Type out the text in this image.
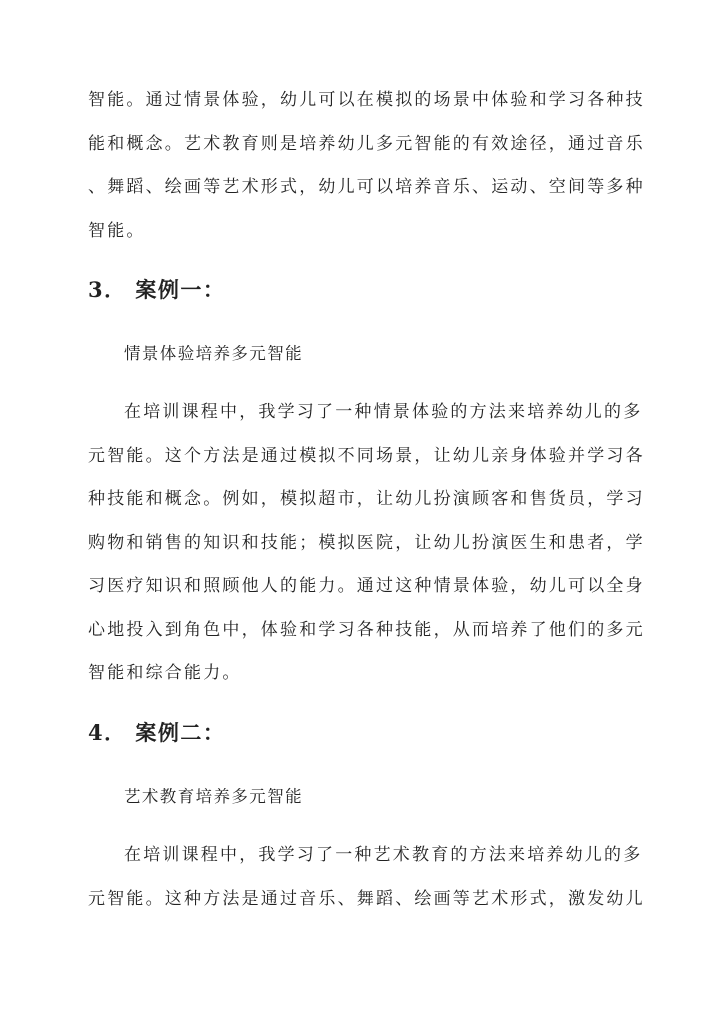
智能。通过情景体验，幼儿可以在模拟的场景中体验和学习各种技
能和概念。艺术教育则是培养幼儿多元智能的有效途径，通过音乐
、舞蹈、绘画等艺术形式，幼儿可以培养音乐、运动、空间等多种
智能。
3． 案例一：
情景体验培养多元智能
在培训课程中，我学习了一种情景体验的方法来培养幼儿的多
元智能。这个方法是通过模拟不同场景，让幼儿亲身体验并学习各
种技能和概念。例如，模拟超市，让幼儿扮演顾客和售货员，学习
购物和销售的知识和技能；模拟医院，让幼儿扮演医生和患者，学
习医疗知识和照顾他人的能力。通过这种情景体验，幼儿可以全身
心地投入到角色中，体验和学习各种技能，从而培养了他们的多元
智能和综合能力。
4． 案例二：
艺术教育培养多元智能
在培训课程中，我学习了一种艺术教育的方法来培养幼儿的多
元智能。这种方法是通过音乐、舞蹈、绘画等艺术形式，激发幼儿
